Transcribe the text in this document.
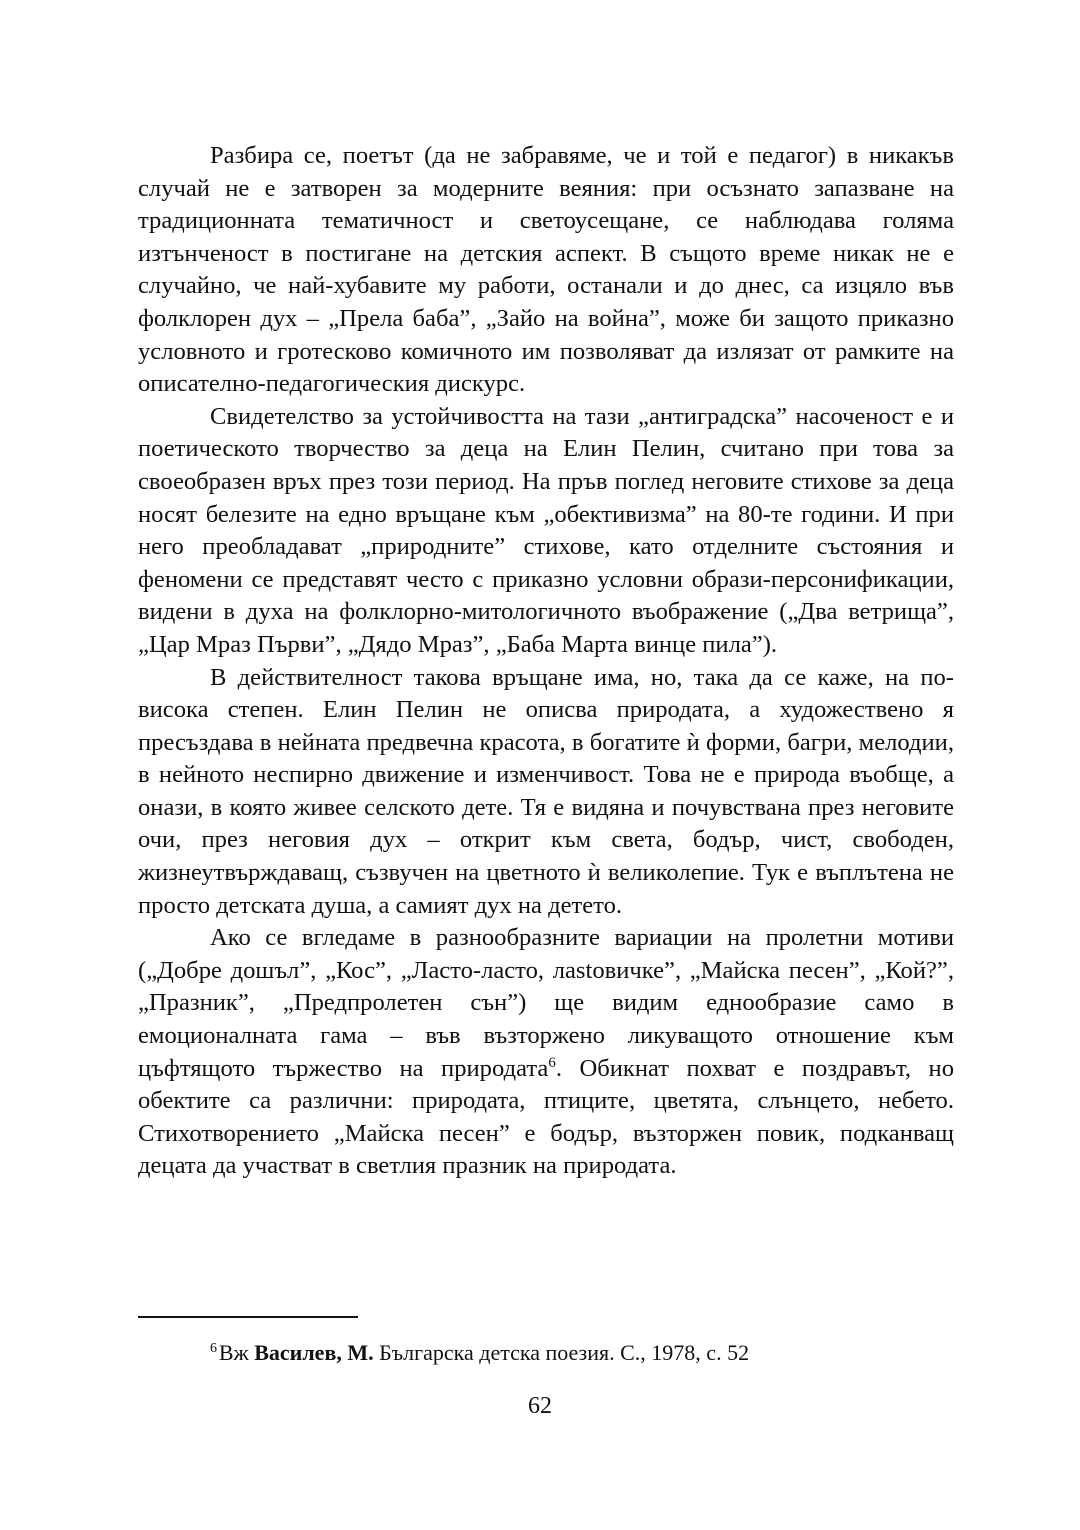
Разбира се, поетът (да не забравяме, че и той е педагог) в никакъв случай не е затворен за модерните веяния: при осъзнато запазване на традиционната тематичност и светоусещане, се наблюдава голяма изтънченост в постигане на детския аспект. В същото време никак не е случайно, че най-хубавите му работи, останали и до днес, са изцяло във фолклорен дух – „Прела баба”, „Зайо на война”, може би защото приказно условното и гротесково комичното им позволяват да излязат от рамките на описателно-педагогическия дискурс.

Свидетелство за устойчивостта на тази „антиградска” насоченост е и поетическото творчество за деца на Елин Пелин, считано при това за своеобразен връх през този период. На пръв поглед неговите стихове за деца носят белезите на едно връщане към „обективизма” на 80-те години. И при него преобладават „природните” стихове, като отделните състояния и феномени се представят често с приказно условни образи-персонификации, видени в духа на фолклорно-митологичното въображение („Два ветрища”, „Цар Мраз Първи”, „Дядо Мраз”, „Баба Марта винце пила”).

В действителност такова връщане има, но, така да се каже, на по-висока степен. Елин Пелин не описва природата, а художествено я пресъздава в нейната предвечна красота, в богатите ѝ форми, багри, мелодии, в нейното неспирно движение и изменчивост. Това не е природа въобще, а онази, в която живее селското дете. Тя е видяна и почувствана през неговите очи, през неговия дух – открит към света, бодър, чист, свободен, жизнеутвърждаващ, съзвучен на цветното ѝ великолепие. Тук е въплътена не просто детската душа, а самият дух на детето.

Ако се вгледаме в разнообразните вариации на пролетни мотиви („Добре дошъл”, „Кос”, „Ласто-ласто, лastовичке”, „Майска песен”, „Кой?”, „Празник”, „Предпролетен сън”) ще видим еднообразие само в емоционалната гама – във възторжено ликуващото отношение към цъфтящото тържество на природата$^6$. Обикнат похват е поздравът, но обектите са различни: природата, птиците, цветята, слънцето, небето. Стихотворението „Майска песен” е бодър, възторжен повик, подканващ децата да участват в светлия празник на природата.

$^6$ Вж Василев, М. Българска детска поезия. С., 1978, с. 52

62
